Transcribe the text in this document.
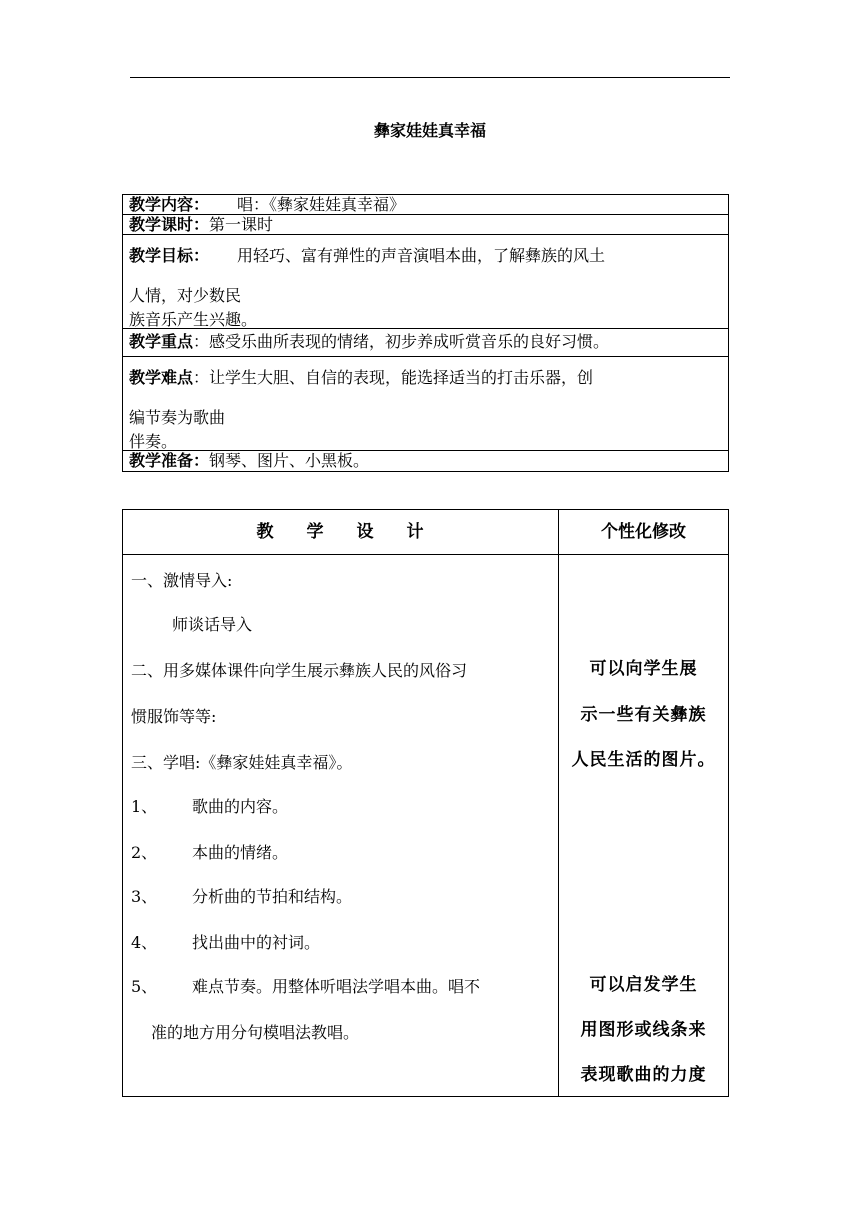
彝家娃娃真幸福
教学内容： 唱：《彝家娃娃真幸福》
教学课时：第一课时
教学目标： 用轻巧、富有弹性的声音演唱本曲，了解彝族的风土
人情，对少数民
族音乐产生兴趣。
教学重点：感受乐曲所表现的情绪，初步养成听赏音乐的良好习惯。
教学难点：让学生大胆、自信的表现，能选择适当的打击乐器，创
编节奏为歌曲
伴奏。
教学准备：钢琴、图片、小黑板。
教 学 设 计	个性化修改
一、激情导入:
师谈话导入
二、用多媒体课件向学生展示彝族人民的风俗习
惯服饰等等:
三、学唱:《彝家娃娃真幸福》。
1、 歌曲的内容。
2、 本曲的情绪。
3、 分析曲的节拍和结构。
4、 找出曲中的衬词。
5、 难点节奏。用整体听唱法学唱本曲。唱不
准的地方用分句模唱法教唱。
可以向学生展
示一些有关彝族
人民生活的图片。
可以启发学生
用图形或线条来
表现歌曲的力度
